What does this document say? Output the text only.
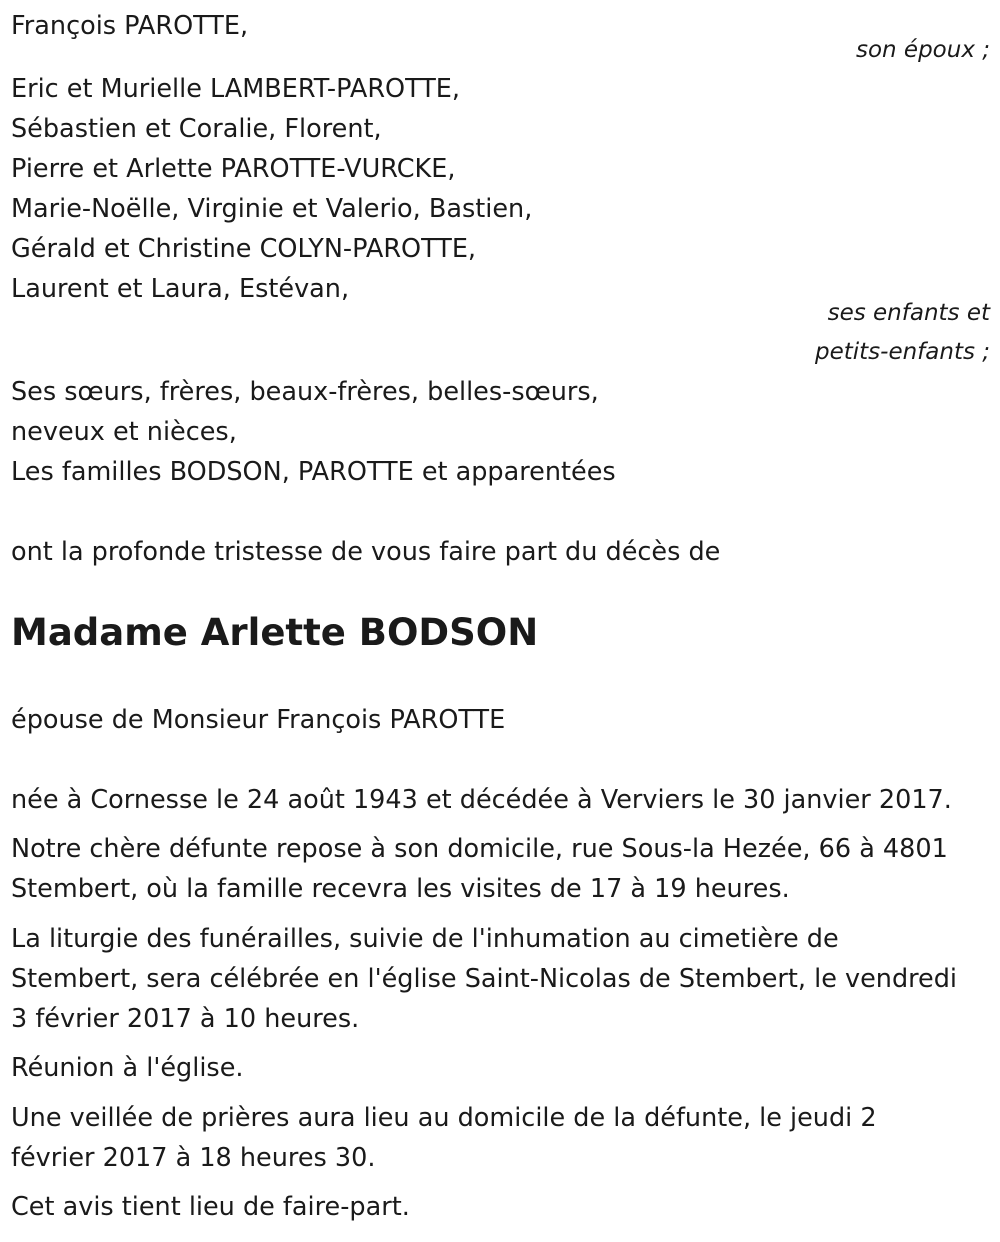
François PAROTTE,
son époux ;
Eric et Murielle LAMBERT-PAROTTE,
Sébastien et Coralie, Florent,
Pierre et Arlette PAROTTE-VURCKE,
Marie-Noëlle, Virginie et Valerio, Bastien,
Gérald et Christine COLYN-PAROTTE,
Laurent et Laura, Estévan,
ses enfants et
petits-enfants ;
Ses sœurs, frères, beaux-frères, belles-sœurs,
neveux et nièces,
Les familles BODSON, PAROTTE et apparentées
ont la profonde tristesse de vous faire part du décès de
Madame Arlette BODSON
épouse de Monsieur François PAROTTE
née à Cornesse le 24 août 1943 et décédée à Verviers le 30 janvier 2017.
Notre chère défunte repose à son domicile, rue Sous-la Hezée, 66 à 4801
Stembert, où la famille recevra les visites de 17 à 19 heures.
La liturgie des funérailles, suivie de l'inhumation au cimetière de
Stembert, sera célébrée en l'église Saint-Nicolas de Stembert, le vendredi
3 février 2017 à 10 heures.
Réunion à l'église.
Une veillée de prières aura lieu au domicile de la défunte, le jeudi 2
février 2017 à 18 heures 30.
Cet avis tient lieu de faire-part.
